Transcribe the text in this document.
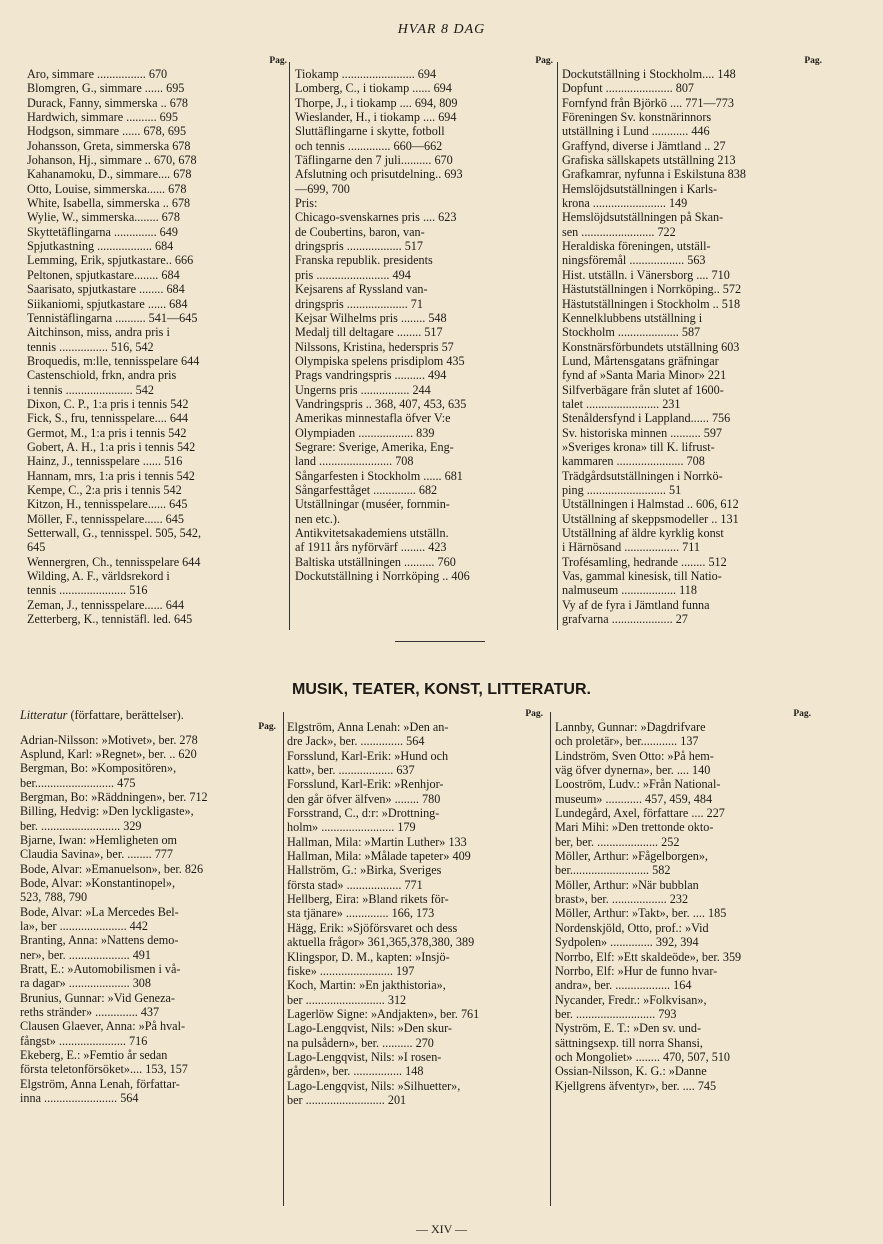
HVAR 8 DAG
Pag.
Aro, simmare ................ 670
Blomgren, G., simmare ...... 695
Durack, Fanny, simmerska .. 678
Hardwich, simmare .......... 695
Hodgson, simmare ...... 678, 695
Johansson, Greta, simmerska 678
Johanson, Hj., simmare .. 670, 678
Kahanamoku, D., simmare.... 678
Otto, Louise, simmerska...... 678
White, Isabella, simmerska .. 678
Wylie, W., simmerska........ 678
Skyttetäflingarna .............. 649
Spjutkastning .................. 684
Lemming, Erik, spjutkastare.. 666
Peltonen, spjutkastare........ 684
Saarisato, spjutkastare ........ 684
Siikaniomi, spjutkastare ...... 684
Tennistäflingarna .......... 541—645
Aitchinson, miss, andra pris i
tennis ................ 516, 542
Broquedis, m:lle, tennisspelare 644
Castenschiold, frkn, andra pris
i tennis ...................... 542
Dixon, C. P., 1:a pris i tennis 542
Fick, S., fru, tennisspelare.... 644
Germot, M., 1:a pris i tennis 542
Gobert, A. H., 1:a pris i tennis 542
Hainz, J., tennisspelare ...... 516
Hannam, mrs, 1:a pris i tennis 542
Kempe, C., 2:a pris i tennis 542
Kitzon, H., tennisspelare...... 645
Möller, F., tennisspelare...... 645
Setterwall, G., tennisspel. 505, 542,
645
Wennergren, Ch., tennisspelare 644
Wilding, A. F., världsrekord i
tennis ...................... 516
Zeman, J., tennisspelare...... 644
Zetterberg, K., tennistäfl. led. 645
Pag.
Tiokamp ........................ 694
Lomberg, C., i tiokamp ...... 694
Thorpe, J., i tiokamp .... 694, 809
Wieslander, H., i tiokamp .... 694
Sluttäflingarne i skytte, fotboll
och tennis .............. 660—662
Täflingarne den 7 juli.......... 670
Afslutning och prisutdelning.. 693
—699, 700
Pris:
Chicago-svenskarnes pris .... 623
de Coubertins, baron, van-
dringspris .................. 517
Franska republik. presidents
pris ........................ 494
Kejsarens af Ryssland van-
dringspris .................... 71
Kejsar Wilhelms pris ........ 548
Medalj till deltagare ........ 517
Nilssons, Kristina, hederspris 57
Olympiska spelens prisdiplom 435
Prags vandringspris .......... 494
Ungerns pris ................ 244
Vandringspris .. 368, 407, 453, 635
Amerikas minnestafla öfver V:e
Olympiaden .................. 839
Segrare: Sverige, Amerika, Eng-
land ........................ 708
Sångarfesten i Stockholm ...... 681
Sångarfesttåget .............. 682
Utställningar (muséer, fornmin-
nen etc.).
Antikvitetsakademiens utställn.
af 1911 års nyförvärf ........ 423
Baltiska utställningen .......... 760
Dockutställning i Norrköping .. 406
Pag.
Dockutställning i Stockholm.... 148
Dopfunt ...................... 807
Fornfynd från Björkö .... 771—773
Föreningen Sv. konstnärinnors
utställning i Lund ............ 446
Graffynd, diverse i Jämtland .. 27
Grafiska sällskapets utställning 213
Grafkamrar, nyfunna i Eskilstuna 838
Hemslöjdsutställningen i Karls-
krona ........................ 149
Hemslöjdsutställningen på Skan-
sen ........................ 722
Heraldiska föreningen, utställ-
ningsföremål .................. 563
Hist. utställn. i Vänersborg .... 710
Hästutställningen i Norrköping.. 572
Hästutställningen i Stockholm .. 518
Kennelklubbens utställning i
Stockholm .................... 587
Konstnärsförbundets utställning 603
Lund, Mårtensgatans gräfningar
fynd af »Santa Maria Minor» 221
Silfverbägare från slutet af 1600-
talet ........................ 231
Stenåldersfynd i Lappland...... 756
Sv. historiska minnen .......... 597
»Sveriges krona» till K. lifrust-
kammaren ...................... 708
Trädgårdsutställningen i Norrkö-
ping .......................... 51
Utställningen i Halmstad .. 606, 612
Utställning af skeppsmodeller .. 131
Utställning af äldre kyrklig konst
i Härnösand .................. 711
Trofésamling, hedrande ........ 512
Vas, gammal kinesisk, till Natio-
nalmuseum .................. 118
Vy af de fyra i Jämtland funna
grafvarna .................... 27
MUSIK, TEATER, KONST, LITTERATUR.
Litteratur (författare, berättelser).
Pag.
Adrian-Nilsson: »Motivet», ber. 278
Asplund, Karl: »Regnet», ber. .. 620
Bergman, Bo: »Kompositören»,
ber.......................... 475
Bergman, Bo: »Räddningen», ber. 712
Billing, Hedvig: »Den lyckligaste»,
ber. .......................... 329
Bjarne, Iwan: »Hemligheten om
Claudia Savina», ber. ........ 777
Bode, Alvar: »Emanuelson», ber. 826
Bode, Alvar: »Konstantinopel»,
523, 788, 790
Bode, Alvar: »La Mercedes Bel-
la», ber ...................... 442
Branting, Anna: »Nattens demo-
ner», ber. .................... 491
Bratt, E.: »Automobilismen i vå-
ra dagar» .................... 308
Brunius, Gunnar: »Vid Geneza-
reths stränder» .............. 437
Clausen Glaever, Anna: »På hval-
fångst» ...................... 716
Ekeberg, E.: »Femtio år sedan
första teletonförsöket».... 153, 157
Elgström, Anna Lenah, författar-
inna ........................ 564
Pag.
Elgström, Anna Lenah: »Den an-
dre Jack», ber. .............. 564
Forsslund, Karl-Erik: »Hund och
katt», ber. .................. 637
Forsslund, Karl-Erik: »Renhjor-
den går öfver älfven» ........ 780
Forsstrand, C., d:r: »Drottning-
holm» ........................ 179
Hallman, Mila: »Martin Luther» 133
Hallman, Mila: »Målade tapeter» 409
Hallström, G.: »Birka, Sveriges
första stad» .................. 771
Hellberg, Eira: »Bland rikets för-
sta tjänare» .............. 166, 173
Hägg, Erik: »Sjöförsvaret och dess
aktuella frågor» 361,365,378,380, 389
Klingspor, D. M., kapten: »Insjö-
fiske» ........................ 197
Koch, Martin: »En jakthistoria»,
ber .......................... 312
Lagerlöw Signe: »Andjakten», ber. 761
Lago-Lengqvist, Nils: »Den skur-
na pulsådern», ber. .......... 270
Lago-Lengqvist, Nils: »I rosen-
gården», ber. ................ 148
Lago-Lengqvist, Nils: »Silhuetter»,
ber .......................... 201
Pag.
Lannby, Gunnar: »Dagdrifvare
och proletär», ber............ 137
Lindström, Sven Otto: »På hem-
väg öfver dynerna», ber. .... 140
Looström, Ludv.: »Från National-
museum» ............ 457, 459, 484
Lundegård, Axel, författare .... 227
Mari Mihi: »Den trettonde okto-
ber, ber. .................... 252
Möller, Arthur: »Fågelborgen»,
ber.......................... 582
Möller, Arthur: »När bubblan
brast», ber. .................. 232
Möller, Arthur: »Takt», ber. .... 185
Nordenskjöld, Otto, prof.: »Vid
Sydpolen» .............. 392, 394
Norrbo, Elf: »Ett skaldeöde», ber. 359
Norrbo, Elf: »Hur de funno hvar-
andra», ber. .................. 164
Nycander, Fredr.: »Folkvisan»,
ber. .......................... 793
Nyström, E. T.: »Den sv. und-
sättningsexp. till norra Shansi,
och Mongoliet» ........ 470, 507, 510
Ossian-Nilsson, K. G.: »Danne
Kjellgrens äfventyr», ber. .... 745
— XIV —
